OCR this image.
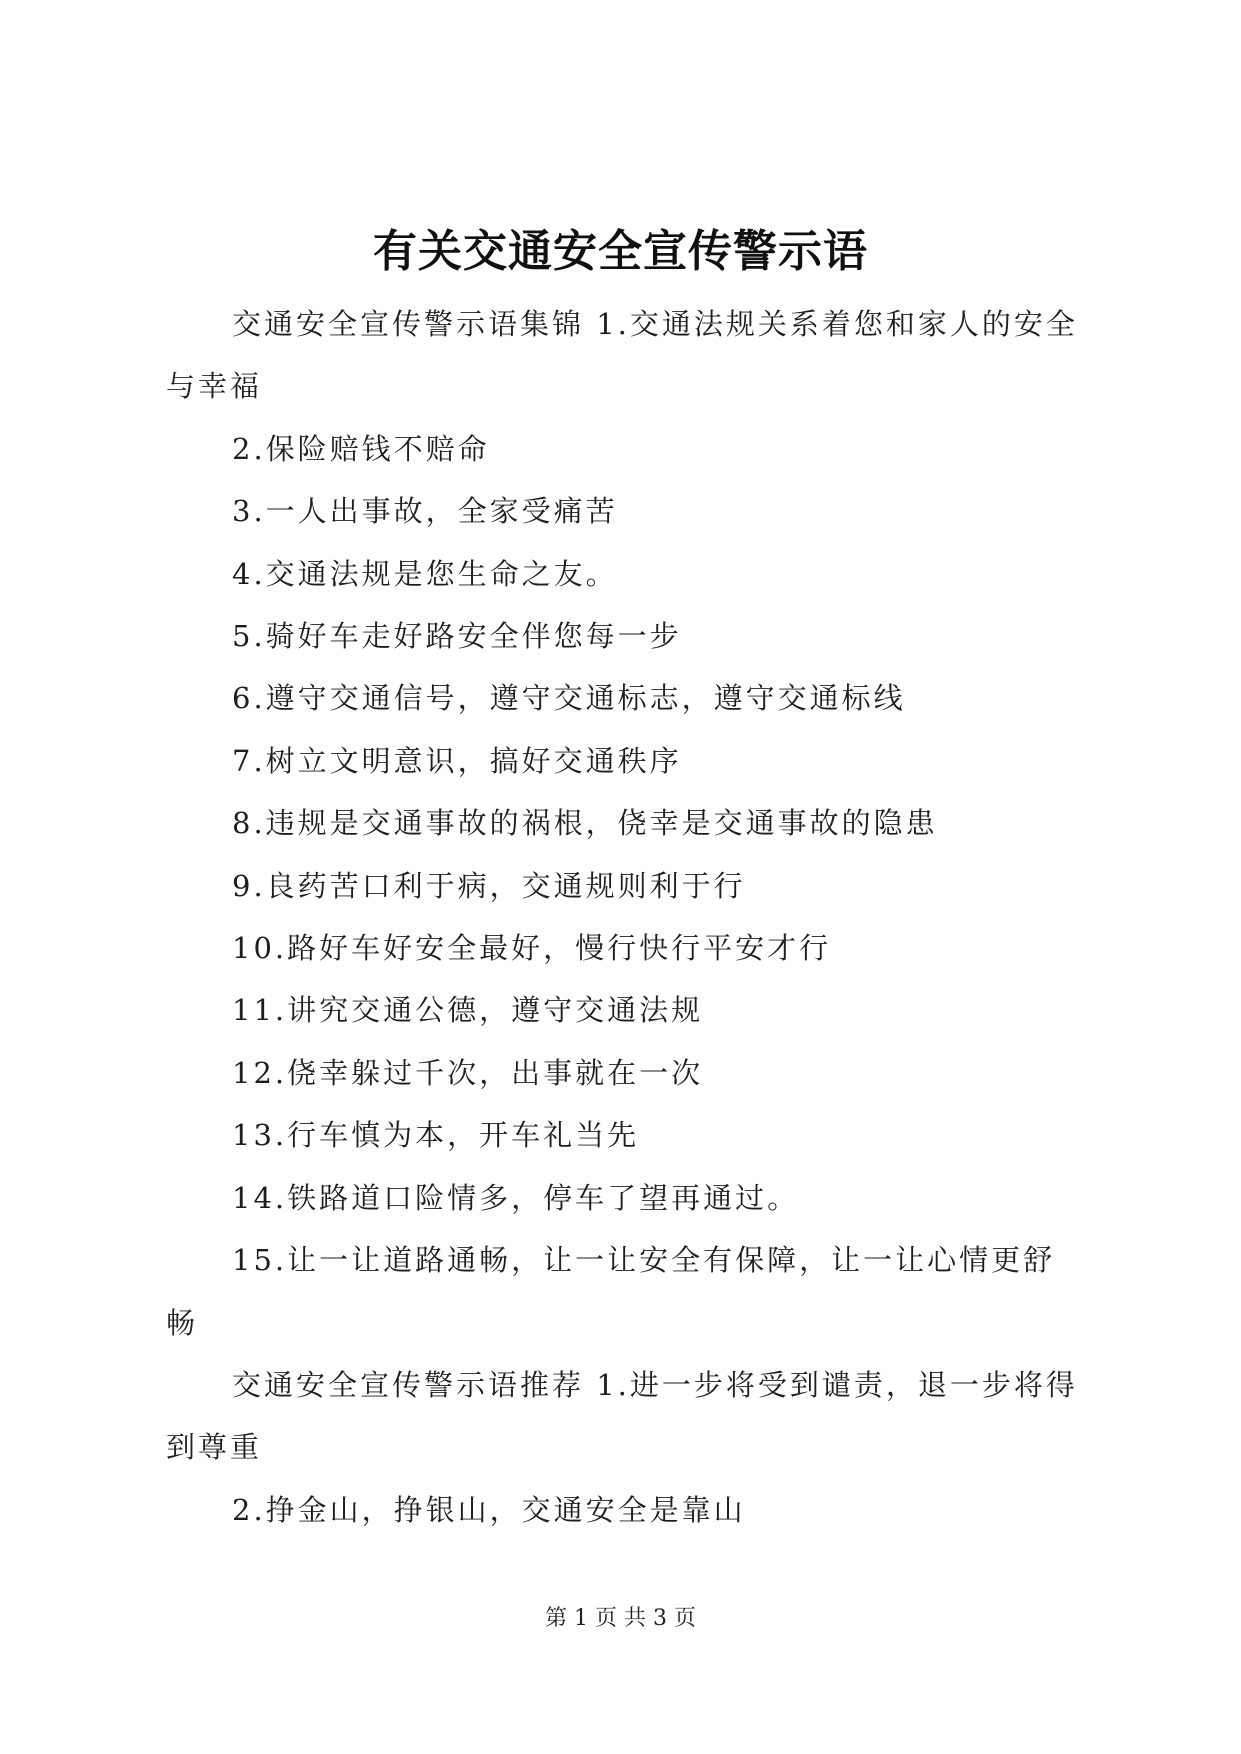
有关交通安全宣传警示语

交通安全宣传警示语集锦 1.交通法规关系着您和家人的安全与幸福

2.保险赔钱不赔命

3.一人出事故，全家受痛苦

4.交通法规是您生命之友。

5.骑好车走好路安全伴您每一步

6.遵守交通信号，遵守交通标志，遵守交通标线

7.树立文明意识，搞好交通秩序

8.违规是交通事故的祸根，侥幸是交通事故的隐患

9.良药苦口利于病，交通规则利于行

10.路好车好安全最好，慢行快行平安才行

11.讲究交通公德，遵守交通法规

12.侥幸躲过千次，出事就在一次

13.行车慎为本，开车礼当先

14.铁路道口险情多，停车了望再通过。

15.让一让道路通畅，让一让安全有保障，让一让心情更舒畅

交通安全宣传警示语推荐 1.进一步将受到谴责，退一步将得到尊重

2.挣金山，挣银山，交通安全是靠山

第 1 页 共 3 页
